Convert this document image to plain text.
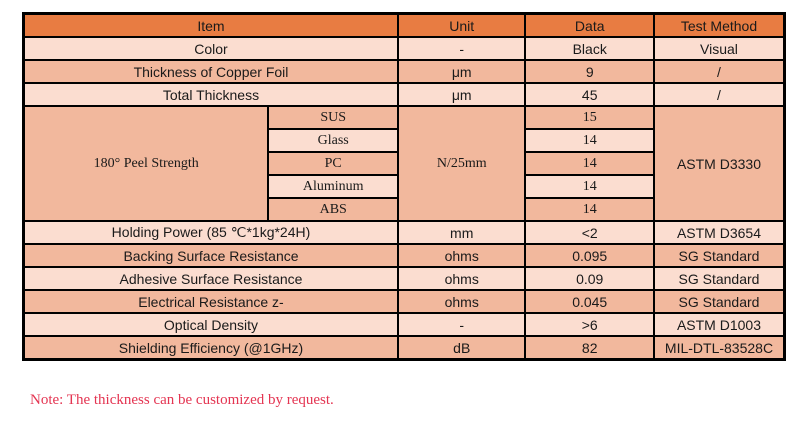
Item		Unit	Data	Test Method
Color		-	Black	Visual
Thickness of Copper Foil		μm	9	/
Total Thickness		μm	45	/
180° Peel Strength	SUS	N/25mm	15	ASTM D3330
	Glass		14	
	PC		14	
	Aluminum		14	
	ABS		14	
Holding Power (85 ℃*1kg*24H)		mm	<2	ASTM D3654
Backing Surface Resistance		ohms	0.095	SG Standard
Adhesive Surface Resistance		ohms	0.09	SG Standard
Electrical Resistance z-		ohms	0.045	SG Standard
Optical Density		-	>6	ASTM D1003
Shielding Efficiency (@1GHz)		dB	82	MIL-DTL-83528C
Note: The thickness can be customized by request.
